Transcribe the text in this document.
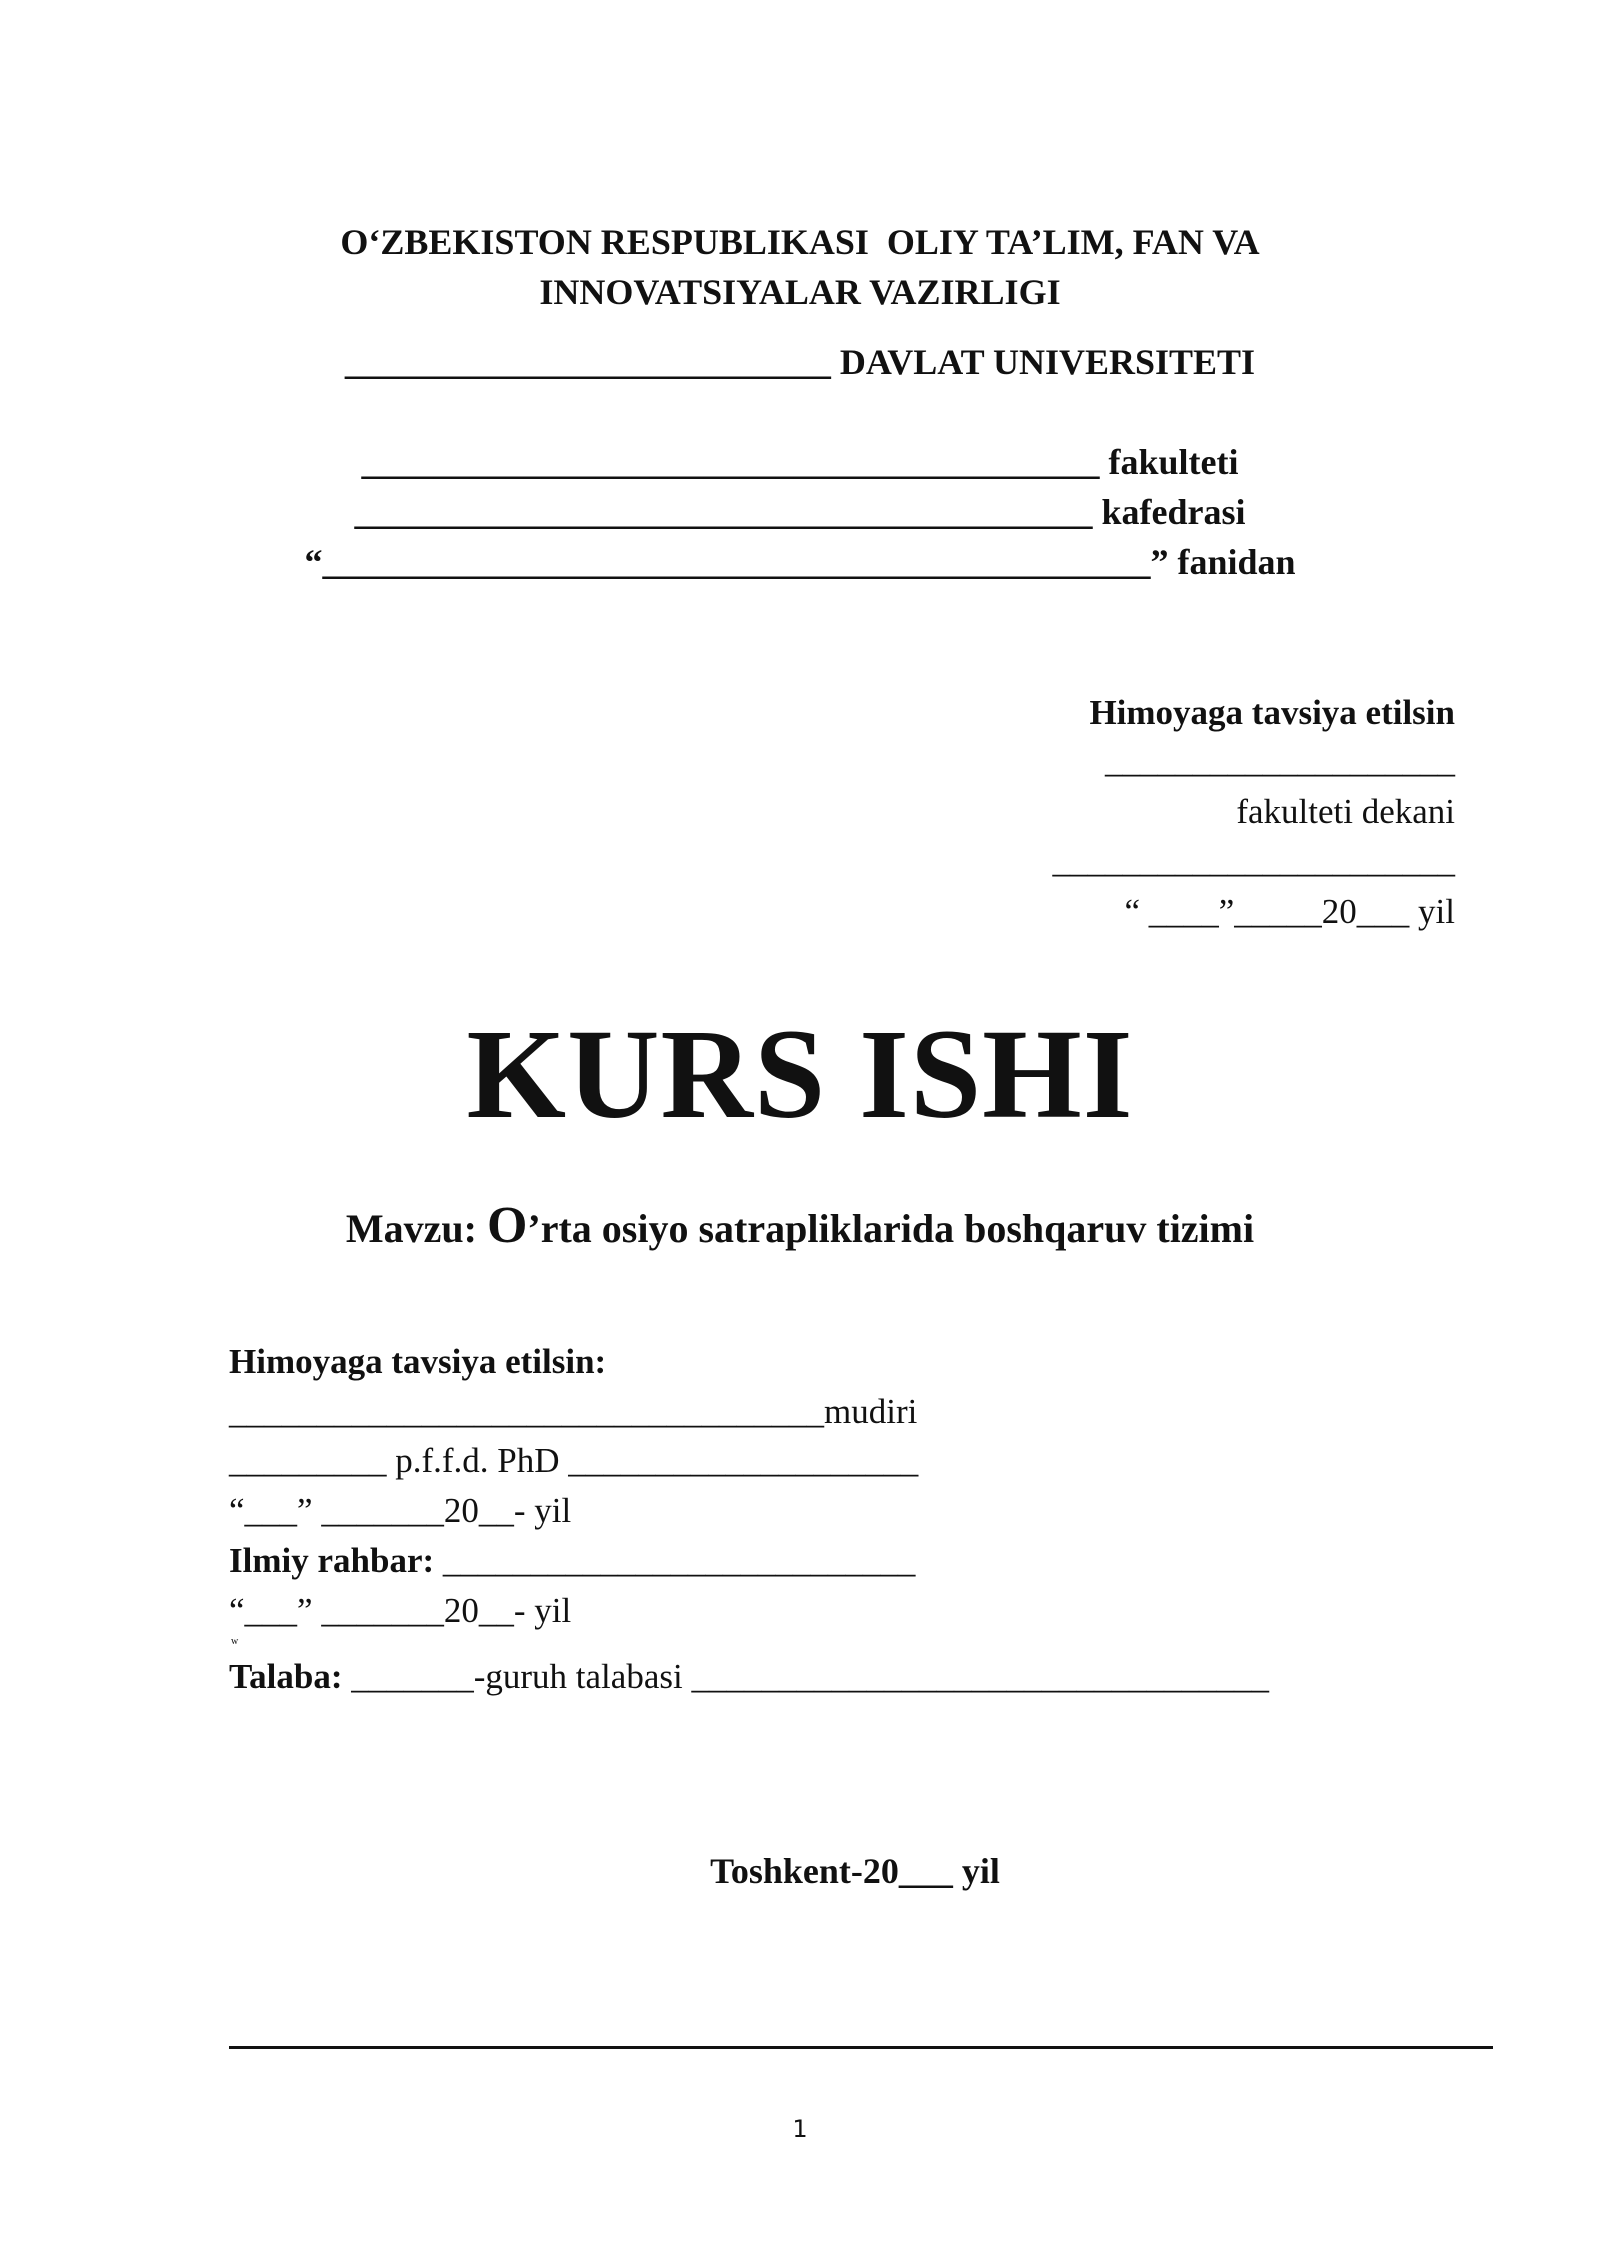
O‘ZBEKISTON RESPUBLIKASI  OLIY TA’LIM, FAN VA
INNOVATSIYALAR VAZIRLIGI
___________________________ DAVLAT UNIVERSITETI
_________________________________________ fakulteti
_________________________________________ kafedrasi
“______________________________________________” fanidan
Himoyaga tavsiya etilsin
____________________
fakulteti dekani
_______________________
“ ____”_____20___ yil
KURS ISHI
Mavzu: O’rta osiyo satrapliklarida boshqaruv tizimi
Himoyaga tavsiya etilsin:
__________________________________mudiri
_________ p.f.f.d. PhD ____________________
“___” _______20__- yil
Ilmiy rahbar: ___________________________
“___” _______20__- yil
w
Talaba: _______-guruh talabasi _________________________________
Toshkent-20___ yil
1
